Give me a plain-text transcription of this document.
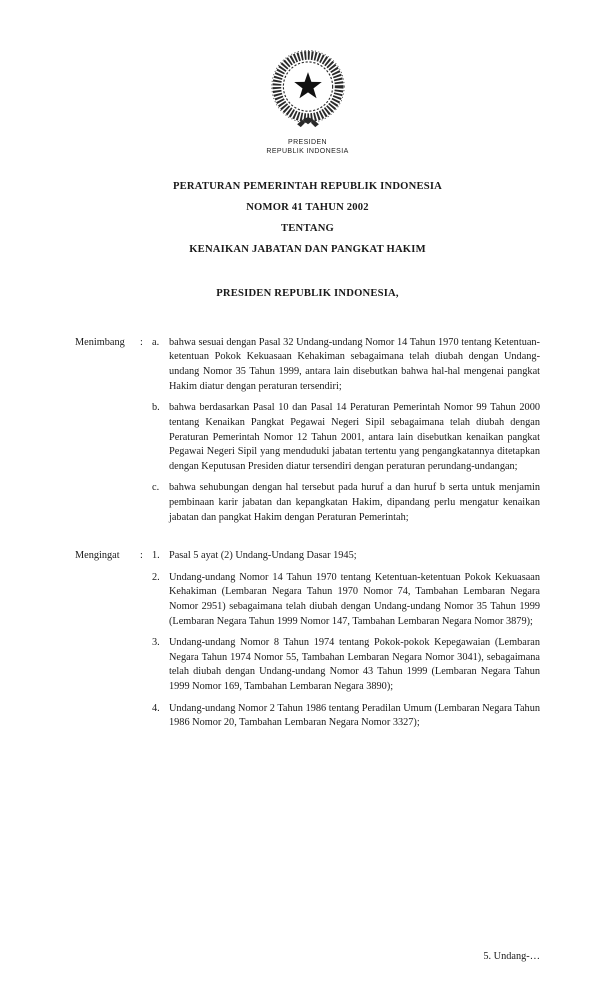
PRESIDEN
REPUBLIK INDONESIA

PERATURAN PEMERINTAH REPUBLIK INDONESIA

NOMOR 41 TAHUN 2002

TENTANG

KENAIKAN JABATAN DAN PANGKAT HAKIM

PRESIDEN REPUBLIK INDONESIA,

Menimbang	: a. bahwa sesuai dengan Pasal 32 Undang-undang Nomor 14 Tahun 1970 tentang Ketentuan-ketentuan Pokok Kekuasaan Kehakiman sebagaimana telah diubah dengan Undang-undang Nomor 35 Tahun 1999, antara lain disebutkan bahwa hal-hal mengenai pangkat Hakim diatur dengan peraturan tersendiri;
b. bahwa berdasarkan Pasal 10 dan Pasal 14 Peraturan Pemerintah Nomor 99 Tahun 2000 tentang Kenaikan Pangkat Pegawai Negeri Sipil sebagaimana telah diubah dengan Peraturan Pemerintah Nomor 12 Tahun 2001, antara lain disebutkan kenaikan pangkat Pegawai Negeri Sipil yang menduduki jabatan tertentu yang pengangkatannya ditetapkan dengan Keputusan Presiden diatur tersendiri dengan peraturan perundang-undangan;
c. bahwa sehubungan dengan hal tersebut pada huruf a dan huruf b serta untuk menjamin pembinaan karir jabatan dan kepangkatan Hakim, dipandang perlu mengatur kenaikan jabatan dan pangkat Hakim dengan Peraturan Pemerintah;
Mengingat	: 1. Pasal 5 ayat (2) Undang-Undang Dasar 1945;
2. Undang-undang Nomor 14 Tahun 1970 tentang Ketentuan-ketentuan Pokok Kekuasaan Kehakiman (Lembaran Negara Tahun 1970 Nomor 74, Tambahan Lembaran Negara Nomor 2951) sebagaimana telah diubah dengan Undang-undang Nomor 35 Tahun 1999 (Lembaran Negara Tahun 1999 Nomor 147, Tambahan Lembaran Negara Nomor 3879);
3. Undang-undang Nomor 8 Tahun 1974 tentang Pokok-pokok Kepegawaian (Lembaran Negara Tahun 1974 Nomor 55, Tambahan Lembaran Negara Nomor 3041), sebagaimana telah diubah dengan Undang-undang Nomor 43 Tahun 1999 (Lembaran Negara Tahun 1999 Nomor 169, Tambahan Lembaran Negara 3890);
4. Undang-undang Nomor 2 Tahun 1986 tentang Peradilan Umum (Lembaran Negara Tahun 1986 Nomor 20, Tambahan Lembaran Negara Nomor 3327);
5. Undang-…
